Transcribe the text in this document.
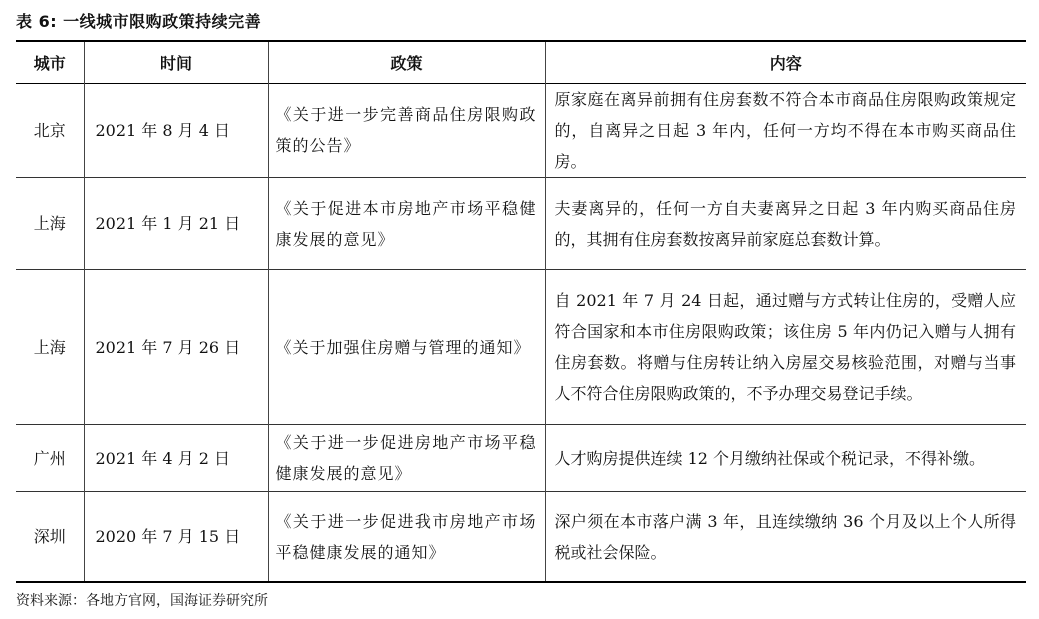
表 6: 一线城市限购政策持续完善
城市	时间	政策	内容
北京	2021 年 8 月 4 日	《关于进一步完善商品住房限购政策的公告》	原家庭在离异前拥有住房套数不符合本市商品住房限购政策规定的，自离异之日起 3 年内，任何一方均不得在本市购买商品住房。
上海	2021 年 1 月 21 日	《关于促进本市房地产市场平稳健康发展的意见》	夫妻离异的，任何一方自夫妻离异之日起 3 年内购买商品住房的，其拥有住房套数按离异前家庭总套数计算。
上海	2021 年 7 月 26 日	《关于加强住房赠与管理的通知》	自 2021 年 7 月 24 日起，通过赠与方式转让住房的，受赠人应符合国家和本市住房限购政策；该住房 5 年内仍记入赠与人拥有住房套数。将赠与住房转让纳入房屋交易核验范围，对赠与当事人不符合住房限购政策的，不予办理交易登记手续。
广州	2021 年 4 月 2 日	《关于进一步促进房地产市场平稳健康发展的意见》	人才购房提供连续 12 个月缴纳社保或个税记录，不得补缴。
深圳	2020 年 7 月 15 日	《关于进一步促进我市房地产市场平稳健康发展的通知》	深户须在本市落户满 3 年，且连续缴纳 36 个月及以上个人所得税或社会保险。
资料来源：各地方官网，国海证券研究所
